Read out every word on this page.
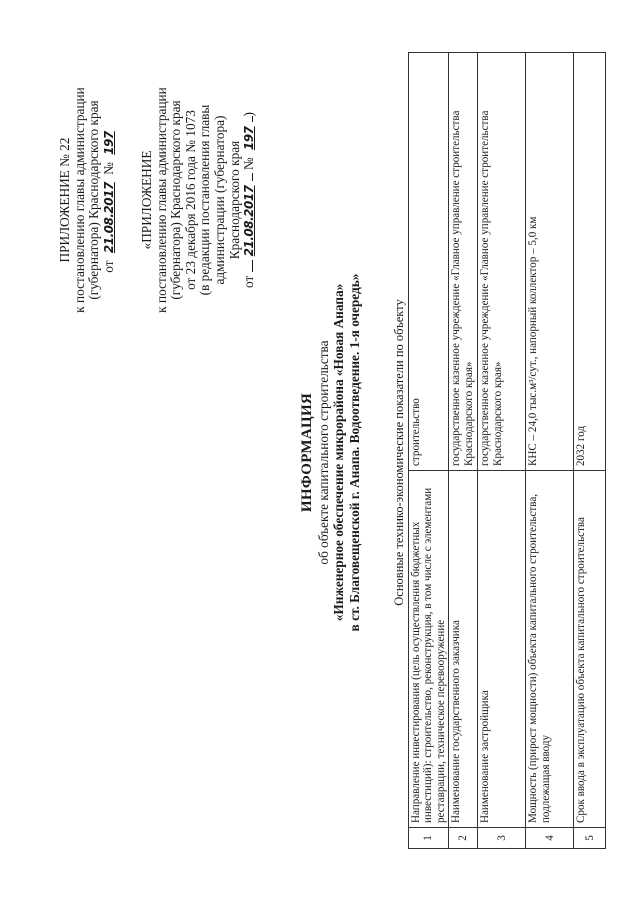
ПРИЛОЖЕНИЕ № 22 к постановлению главы администрации (губернатора) Краснодарского края от 21.08.2017 № 197
«ПРИЛОЖЕНИЕ к постановлению главы администрации (губернатора) Краснодарского края от 23 декабря 2016 года № 1073 (в редакции постановления главы администрации (губернатора) Краснодарского края
от 21.08.2017 № 197)
ИНФОРМАЦИЯ об объекте капитального строительства «Инженерное обеспечение микрорайона «Новая Анапа» в ст. Благовещенской г. Анапа. Водоотведение. 1-я очередь» Основные технико-экономические показатели по объекту
1	Направление инвестирования (цель осуществления бюджетных инвестиций): строительство, реконструкция, в том числе с элементами реставрации, техническое перевооружение	строительство
2	Наименование государственного заказчика	государственное казенное учреждение «Главное управление строительства Краснодарского края»
3	Наименование застройщика	государственное казенное учреждение «Главное управление строительства Краснодарского края»
4	Мощность (прирост мощности) объекта капитального строительства, подлежащая вводу	КНС – 24,0 тыс.м³/сут., напорный коллектор – 5,0 км
5	Срок ввода в эксплуатацию объекта капитального строительства	2032 год
